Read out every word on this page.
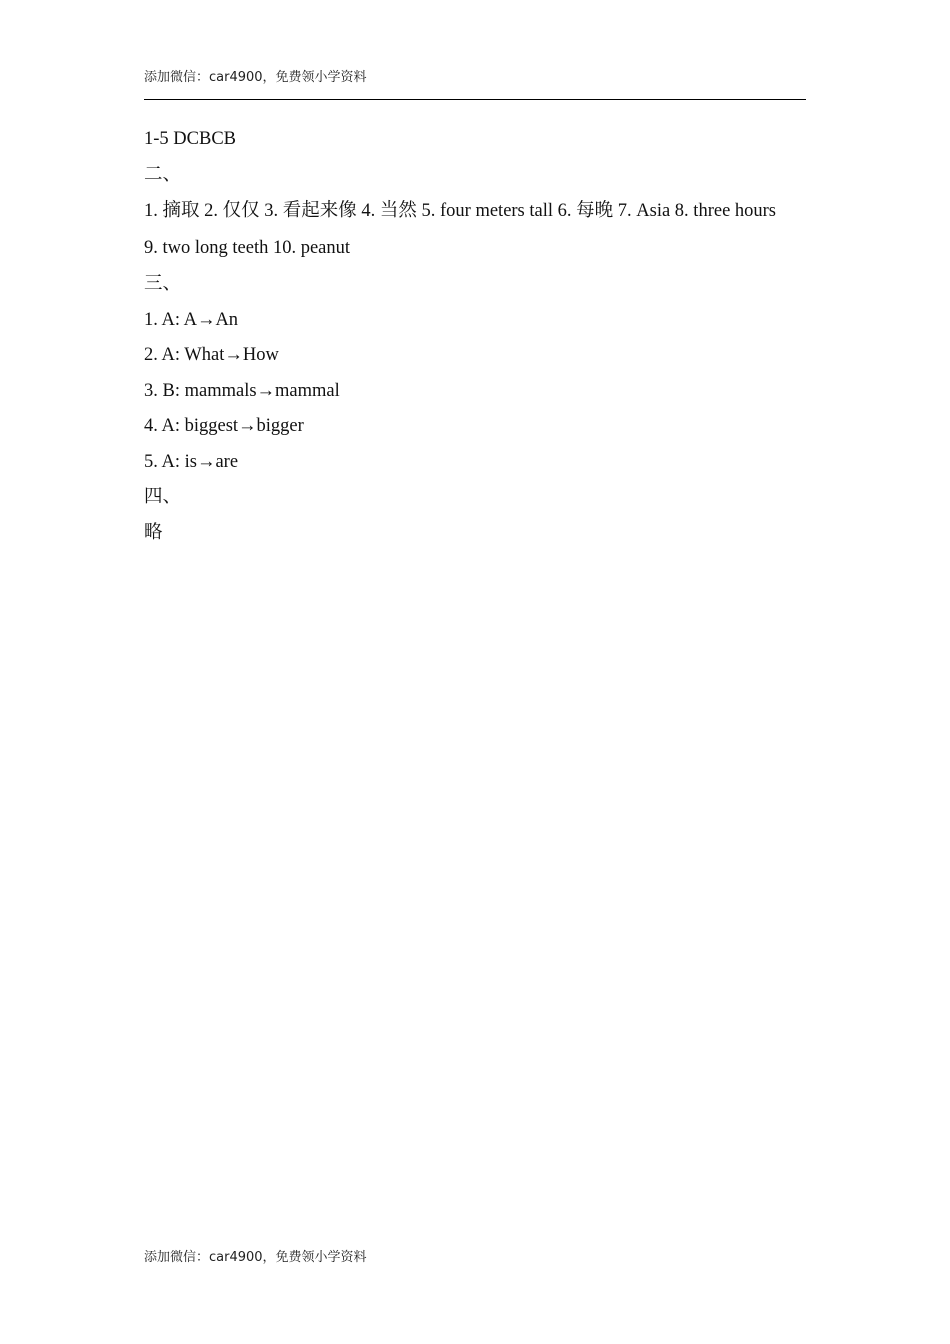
添加微信：car4900，免费领小学资料
1-5 DCBCB
二、
1. 摘取 2. 仅仅 3. 看起来像 4. 当然 5. four meters tall 6. 每晚 7. Asia 8. three hours
9. two long teeth 10. peanut
三、
1. A: A→An
2. A: What→How
3. B: mammals→mammal
4. A: biggest→bigger
5. A: is→are
四、
略
添加微信：car4900，免费领小学资料
